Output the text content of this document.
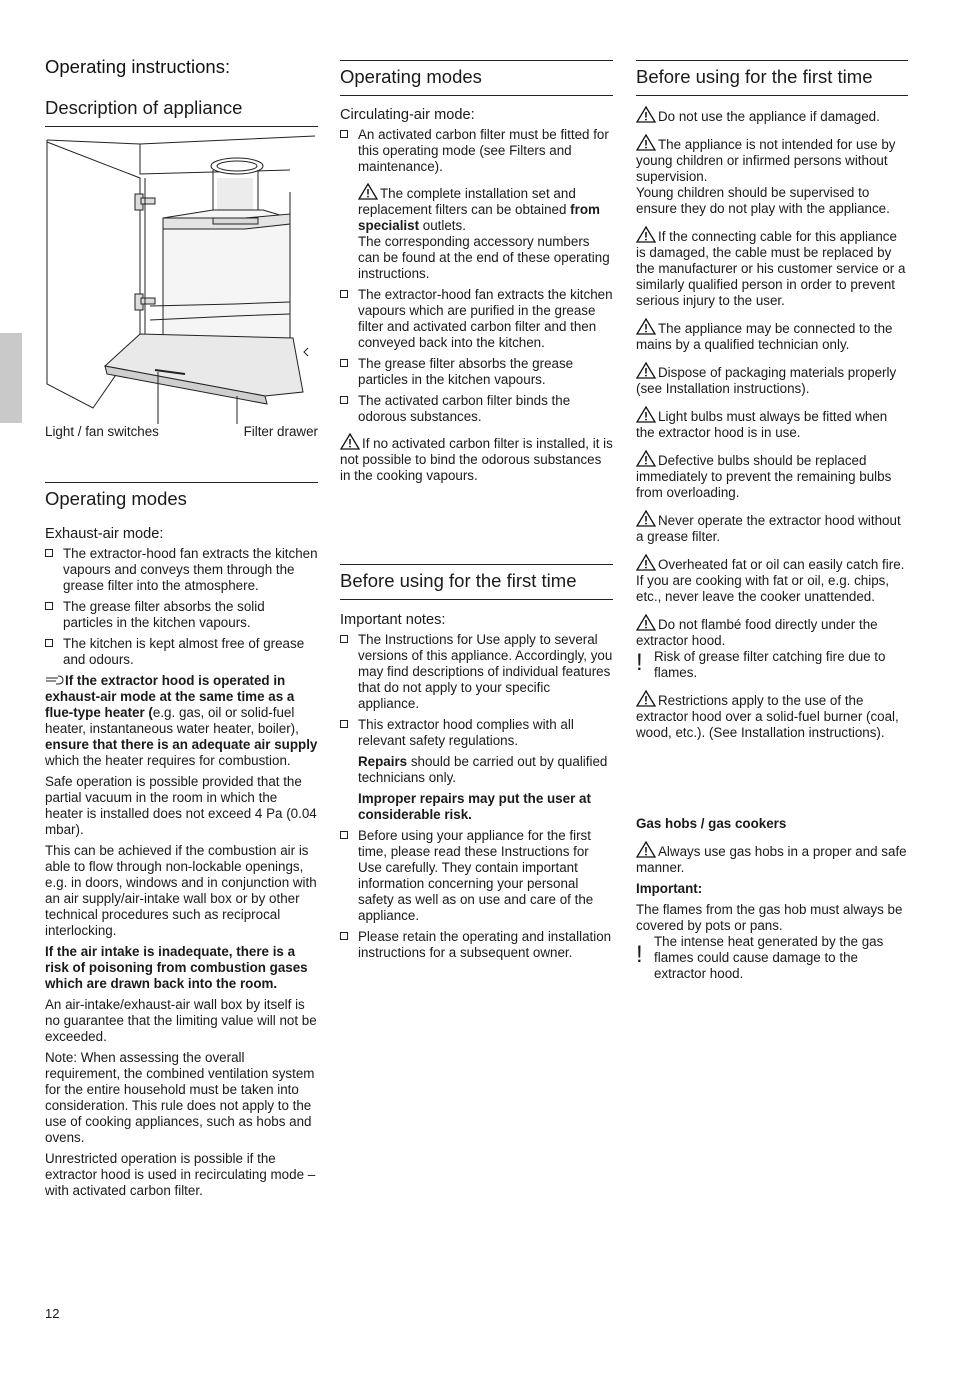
Operating instructions:
Description of appliance
Light / fan switches	Filter drawer
Operating modes
Exhaust-air mode:
The extractor-hood fan extracts the kitchen vapours and conveys them through the grease filter into the atmosphere.
The grease filter absorbs the solid particles in the kitchen vapours.
The kitchen is kept almost free of grease and odours.

If the extractor hood is operated in exhaust-air mode at the same time as a flue-type heater (e.g. gas, oil or solid-fuel heater, instantaneous water heater, boiler), ensure that there is an adequate air supply which the heater requires for combustion.

Safe operation is possible provided that the partial vacuum in the room in which the heater is installed does not exceed 4 Pa (0.04 mbar).

This can be achieved if the combustion air is able to flow through non-lockable openings, e.g. in doors, windows and in conjunction with an air supply/air-intake wall box or by other technical procedures such as reciprocal interlocking.

If the air intake is inadequate, there is a risk of poisoning from combustion gases which are drawn back into the room.

An air-intake/exhaust-air wall box by itself is no guarantee that the limiting value will not be exceeded.

Note: When assessing the overall requirement, the combined ventilation system for the entire household must be taken into consideration. This rule does not apply to the use of cooking appliances, such as hobs and ovens.

Unrestricted operation is possible if the extractor hood is used in recirculating mode – with activated carbon filter.

Operating modes
Circulating-air mode:
An activated carbon filter must be fitted for this operating mode (see Filters and maintenance).
The complete installation set and replacement filters can be obtained from specialist outlets.
The corresponding accessory numbers can be found at the end of these operating instructions.
The extractor-hood fan extracts the kitchen vapours which are purified in the grease filter and activated carbon filter and then conveyed back into the kitchen.
The grease filter absorbs the grease particles in the kitchen vapours.
The activated carbon filter binds the odorous substances.

If no activated carbon filter is installed, it is not possible to bind the odorous substances in the cooking vapours.

Before using for the first time
Important notes:
The Instructions for Use apply to several versions of this appliance. Accordingly, you may find descriptions of individual features that do not apply to your specific appliance.
This extractor hood complies with all relevant safety regulations.
Repairs should be carried out by qualified technicians only.
Improper repairs may put the user at considerable risk.
Before using your appliance for the first time, please read these Instructions for Use carefully. They contain important information concerning your personal safety as well as on use and care of the appliance.
Please retain the operating and installation instructions for a subsequent owner.
Before using for the first time

Do not use the appliance if damaged.

The appliance is not intended for use by young children or infirmed persons without supervision.

Young children should be supervised to ensure they do not play with the appliance.

If the connecting cable for this appliance is damaged, the cable must be replaced by the manufacturer or his customer service or a similarly qualified person in order to prevent serious injury to the user.

The appliance may be connected to the mains by a qualified technician only.

Dispose of packaging materials properly (see Installation instructions).

Light bulbs must always be fitted when the extractor hood is in use.

Defective bulbs should be replaced immediately to prevent the remaining bulbs from overloading.

Never operate the extractor hood without a grease filter.

Overheated fat or oil can easily catch fire.

If you are cooking with fat or oil, e.g. chips, etc., never leave the cooker unattended.

Do not flambé food directly under the extractor hood.

! Risk of grease filter catching fire due to flames.

Restrictions apply to the use of the extractor hood over a solid-fuel burner (coal, wood, etc.). (See Installation instructions).

Gas hobs / gas cookers

Always use gas hobs in a proper and safe manner.

Important:

The flames from the gas hob must always be covered by pots or pans.

! The intense heat generated by the gas flames could cause damage to the extractor hood.
12
